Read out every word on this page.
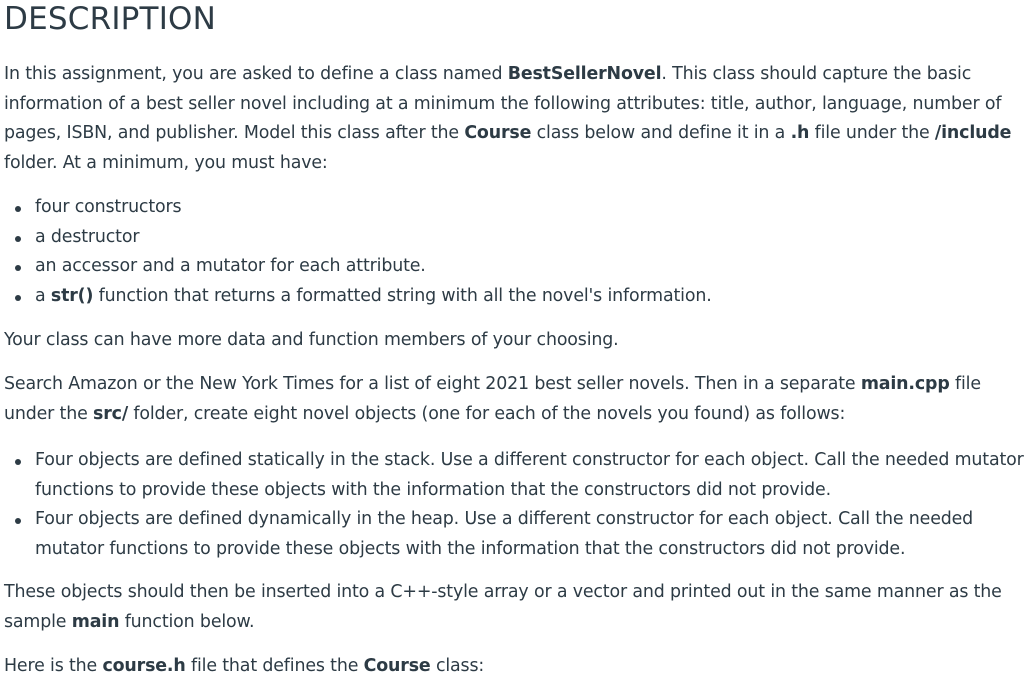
DESCRIPTION

In this assignment, you are asked to define a class named BestSellerNovel. This class should capture the basic
information of a best seller novel including at a minimum the following attributes: title, author, language, number of
pages, ISBN, and publisher. Model this class after the Course class below and define it in a .h file under the /include
folder. At a minimum, you must have:

four constructors
a destructor
an accessor and a mutator for each attribute.
a str() function that returns a formatted string with all the novel's information.

Your class can have more data and function members of your choosing.

Search Amazon or the New York Times for a list of eight 2021 best seller novels. Then in a separate main.cpp file
under the src/ folder, create eight novel objects (one for each of the novels you found) as follows:

Four objects are defined statically in the stack. Use a different constructor for each object. Call the needed mutator
functions to provide these objects with the information that the constructors did not provide.
Four objects are defined dynamically in the heap. Use a different constructor for each object. Call the needed
mutator functions to provide these objects with the information that the constructors did not provide.

These objects should then be inserted into a C++-style array or a vector and printed out in the same manner as the
sample main function below.

Here is the course.h file that defines the Course class:
